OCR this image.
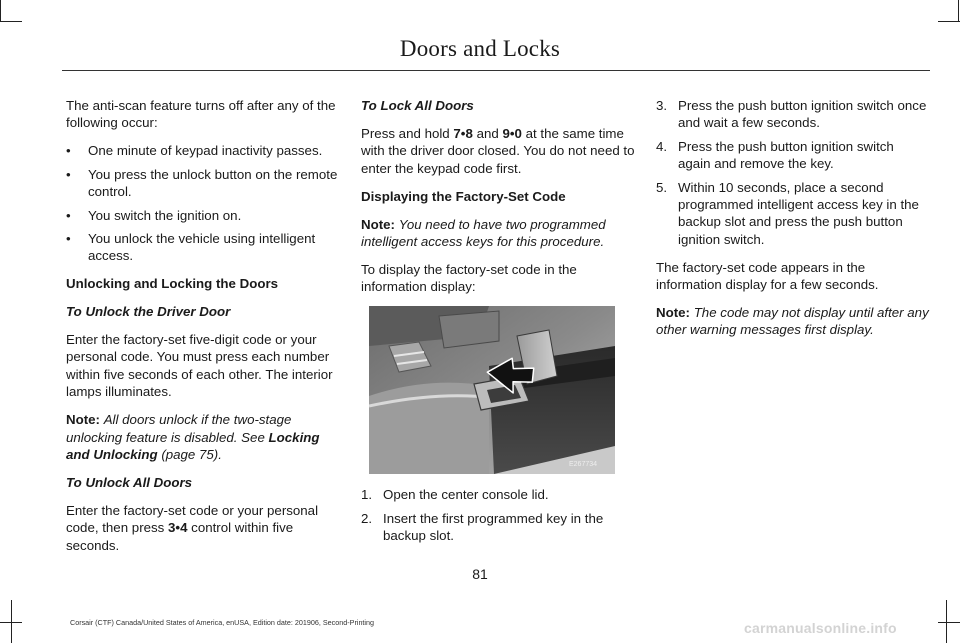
Doors and Locks

The anti-scan feature turns off after any of the following occur:

• One minute of keypad inactivity passes.
• You press the unlock button on the remote control.
• You switch the ignition on.
• You unlock the vehicle using intelligent access.

Unlocking and Locking the Doors

To Unlock the Driver Door

Enter the factory-set five-digit code or your personal code. You must press each number within five seconds of each other. The interior lamps illuminates.

Note: All doors unlock if the two-stage unlocking feature is disabled. See Locking and Unlocking (page 75).

To Unlock All Doors

Enter the factory-set code or your personal code, then press 3•4 control within five seconds.

To Lock All Doors

Press and hold 7•8 and 9•0 at the same time with the driver door closed. You do not need to enter the keypad code first.

Displaying the Factory-Set Code

Note: You need to have two programmed intelligent access keys for this procedure.

To display the factory-set code in the information display:

E267734
1. Open the center console lid.
2. Insert the first programmed key in the backup slot.
3. Press the push button ignition switch once and wait a few seconds.
4. Press the push button ignition switch again and remove the key.
5. Within 10 seconds, place a second programmed intelligent access key in the backup slot and press the push button ignition switch.

The factory-set code appears in the information display for a few seconds.

Note: The code may not display until after any other warning messages first display.

81
Corsair (CTF) Canada/United States of America, enUSA, Edition date: 201906, Second-Printing	carmanualsonline.info
